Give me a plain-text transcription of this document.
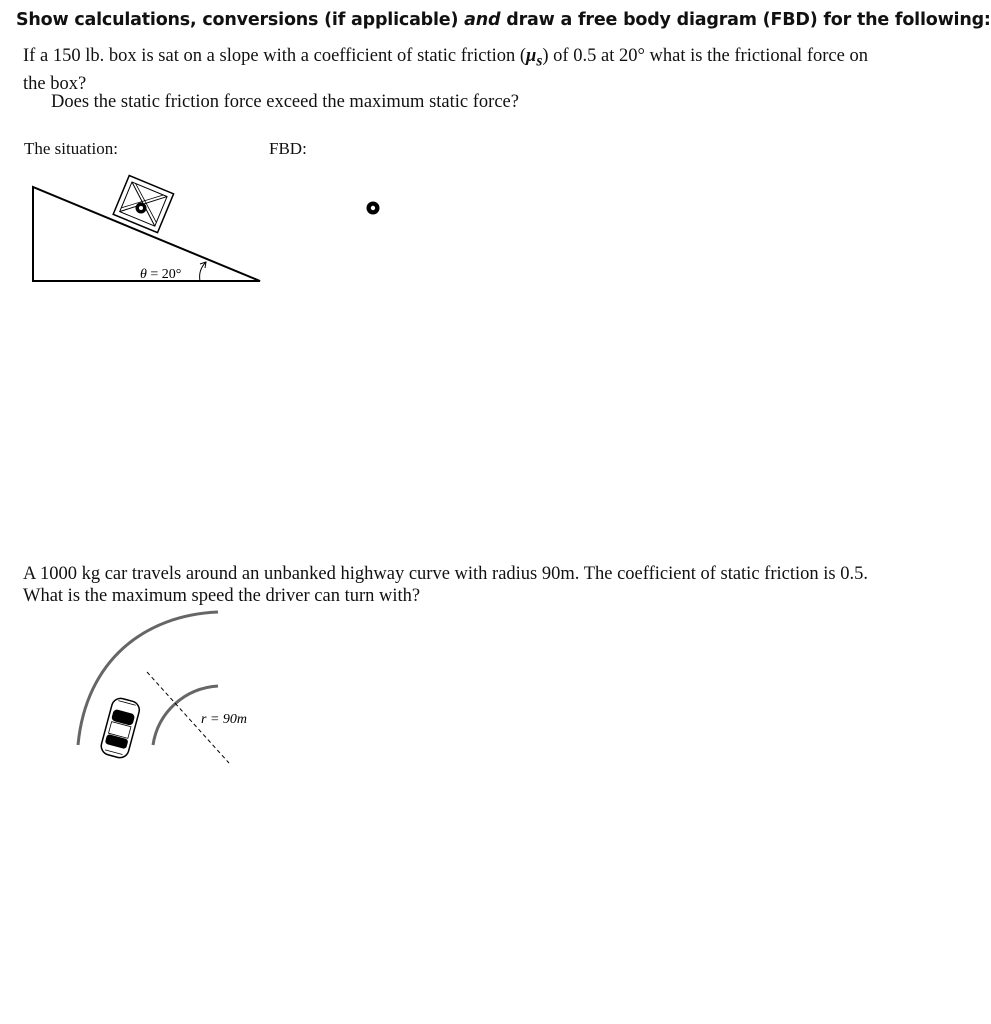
Show calculations, conversions (if applicable) and draw a free body diagram (FBD) for the following:
If a 150 lb. box is sat on a slope with a coefficient of static friction $(\mu_s)$ of 0.5 at 20° what is the frictional force on the box?
Does the static friction force exceed the maximum static force?
The situation:	FBD:
θ = 20°
r = 90m
A 1000 kg car travels around an unbanked highway curve with radius 90m. The coefficient of static friction is 0.5. What is the maximum speed the driver can turn with?
